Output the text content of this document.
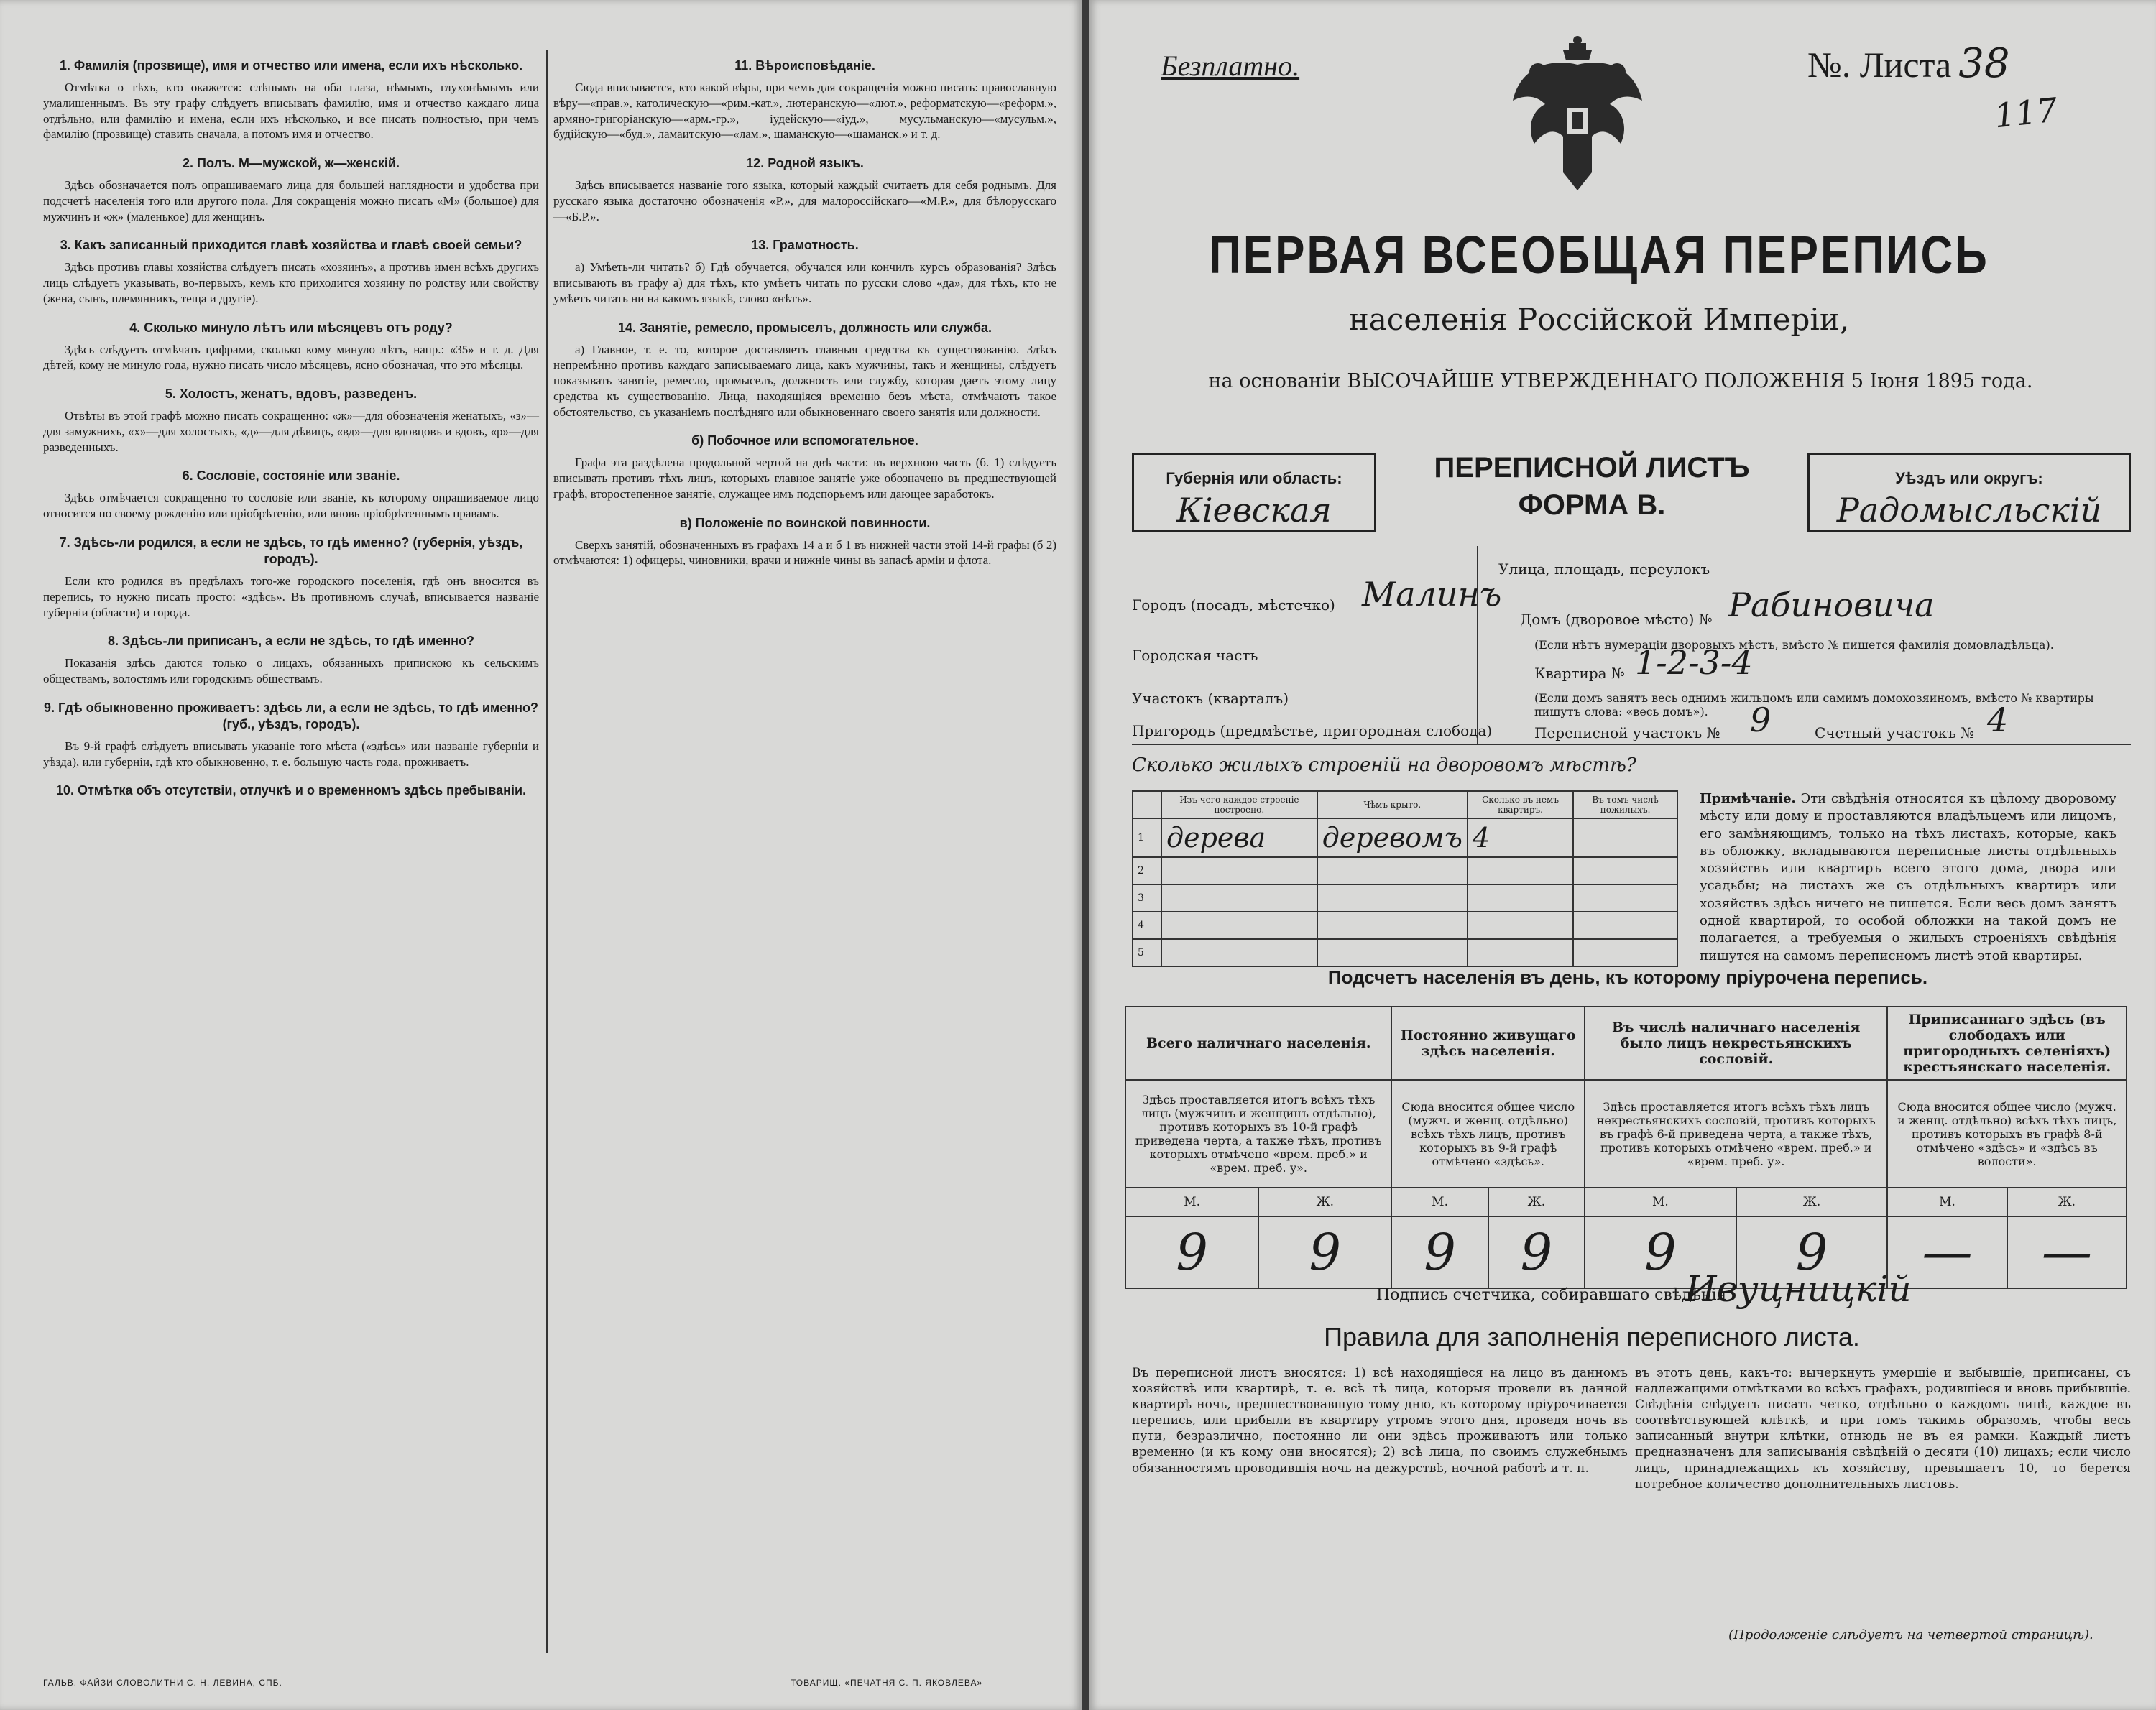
1. Фамилія (прозвище), имя и отчество или имена, если ихъ нѣсколько.
Отмѣтка о тѣхъ, кто окажется: слѣпымъ на оба глаза, нѣмымъ, глухонѣмымъ или умалишеннымъ. Въ эту графу слѣдуетъ вписывать фамилію, имя и отчество каждаго лица отдѣльно, или фамилію и имена, если ихъ нѣсколько, и все писать полностью, при чемъ фамилію (прозвище) ставить сначала, а потомъ имя и отчество.
2. Полъ. М—мужской, ж—женскій.
Здѣсь обозначается полъ опрашиваемаго лица для большей наглядности и удобства при подсчетѣ населенія того или другого пола. Для сокращенія можно писать «М» (большое) для мужчинъ и «ж» (маленькое) для женщинъ.
3. Какъ записанный приходится главѣ хозяйства и главѣ своей семьи?
Здѣсь противъ главы хозяйства слѣдуетъ писать «хозяинъ», а противъ имен всѣхъ другихъ лицъ слѣдуетъ указывать, во-первыхъ, кемъ кто приходится хозяину по родству или свойству (жена, сынъ, племянникъ, теща и другіе).
4. Сколько минуло лѣтъ или мѣсяцевъ отъ роду?
Здѣсь слѣдуетъ отмѣчать цифрами, сколько кому минуло лѣтъ, напр.: «35» и т. д. Для дѣтей, кому не минуло года, нужно писать число мѣсяцевъ, ясно обозначая, что это мѣсяцы.
5. Холостъ, женатъ, вдовъ, разведенъ.
Отвѣты въ этой графѣ можно писать сокращенно: «ж»—для обозначенія женатыхъ, «з»—для замужнихъ, «х»—для холостыхъ, «д»—для дѣвицъ, «вд»—для вдовцовъ и вдовъ, «р»—для разведенныхъ.
6. Сословіе, состояніе или званіе.
Здѣсь отмѣчается сокращенно то сословіе или званіе, къ которому опрашиваемое лицо относится по своему рожденію или пріобрѣтенію, или вновь пріобрѣтеннымъ правамъ.
7. Здѣсь-ли родился, а если не здѣсь, то гдѣ именно? (губернія, уѣздъ, городъ).
Если кто родился въ предѣлахъ того-же городского поселенія, гдѣ онъ вносится въ перепись, то нужно писать просто: «здѣсь». Въ противномъ случаѣ, вписывается названіе губерніи (области) и города.
8. Здѣсь-ли приписанъ, а если не здѣсь, то гдѣ именно?
Показанія здѣсь даются только о лицахъ, обязанныхъ припискою къ сельскимъ обществамъ, волостямъ или городскимъ обществамъ.
9. Гдѣ обыкновенно проживаетъ: здѣсь ли, а если не здѣсь, то гдѣ именно? (губ., уѣздъ, городъ).
Въ 9-й графѣ слѣдуетъ вписывать указаніе того мѣста («здѣсь» или названіе губерніи и уѣзда), или губерніи, гдѣ кто обыкновенно, т. е. большую часть года, проживаетъ.
10. Отмѣтка объ отсутствіи, отлучкѣ и о временномъ здѣсь пребываніи.
11. Вѣроисповѣданіе.
Сюда вписывается, кто какой вѣры, при чемъ для сокращенія можно писать: православную вѣру—«прав.», католическую—«рим.-кат.», лютеранскую—«лют.», реформатскую—«реформ.», армяно-григоріанскую—«арм.-гр.», іудейскую—«іуд.», мусульманскую—«мусульм.», будійскую—«буд.», ламаитскую—«лам.», шаманскую—«шаманск.» и т. д.
12. Родной языкъ.
Здѣсь вписывается названіе того языка, который каждый считаетъ для себя роднымъ. Для русскаго языка достаточно обозначенія «Р.», для малороссійскаго—«М.Р.», для бѣлорусскаго—«Б.Р.».
13. Грамотность.
а) Умѣеть-ли читать? б) Гдѣ обучается, обучался или кончилъ курсъ образованія? Здѣсь вписывають въ графу а) для тѣхъ, кто умѣетъ читать по русски слово «да», для тѣхъ, кто не умѣетъ читать ни на какомъ языкѣ, слово «нѣтъ».
14. Занятіе, ремесло, промыселъ, должность или служба.
а) Главное, т. е. то, которое доставляетъ главныя средства къ существованію. Здѣсь непремѣнно противъ каждаго записываемаго лица, какъ мужчины, такъ и женщины, слѣдуетъ показывать занятіе, ремесло, промыселъ, должность или службу, которая даетъ этому лицу средства къ существованію. Лица, находящіяся временно безъ мѣста, отмѣчаютъ такое обстоятельство, съ указаніемъ послѣдняго или обыкновеннаго своего занятія или должности.
б) Побочное или вспомогательное.
Графа эта раздѣлена продольной чертой на двѣ части: въ верхнюю часть (б. 1) слѣдуетъ вписывать противъ тѣхъ лицъ, которыхъ главное занятіе уже обозначено въ предшествующей графѣ, второстепенное занятіе, служащее имъ подспорьемъ или дающее заработокъ.
в) Положеніе по воинской повинности.
Сверхъ занятій, обозначенныхъ въ графахъ 14 а и б 1 въ нижней части этой 14-й графы (б 2) отмѣчаются: 1) офицеры, чиновники, врачи и нижніе чины въ запасѣ арміи и флота.
ГАЛЬВ. ФАЙЗИ СЛОВОЛИТНИ С. Н. ЛЕВИНА, СПБ.	ТОВАРИЩ. «ПЕЧАТНЯ С. П. ЯКОВЛЕВА»
Безплатно.	№. Листа 38
117
ПЕРВАЯ ВСЕОБЩАЯ ПЕРЕПИСЬ
населенія Россійской Имперіи,
на основаніи ВЫСОЧАЙШЕ УТВЕРЖДЕННАГО ПОЛОЖЕНІЯ 5 Іюня 1895 года.
Губернія или область:
Кіевская
ПЕРЕПИСНОЙ ЛИСТЪ
ФОРМА В.
Уѣздъ или округъ:
Радомысльскій
Городъ (посадъ, мѣстечко) Малинъ
Городская часть
Участокъ (кварталъ)
Пригородъ (предмѣстье, пригородная слобода)
Улица, площадь, переулокъ
Домъ (дворовое мѣсто) № Рабиновича
(Если нѣтъ нумераціи дворовыхъ мѣстъ, вмѣсто № пишется фамилія домовладѣльца).
Квартира № 1-2-3-4
(Если домъ занятъ весь однимъ жильцомъ или самимъ домохозяиномъ, вмѣсто № квартиры пишутъ слова: «весь домъ»).
Переписной участокъ № 9	Счетный участокъ № 4
Сколько жилыхъ строеній на дворовомъ мѣстѣ?
	Изъ чего каждое строеніе построено.	Чѣмъ крыто.	Сколько въ немъ квартиръ.	Въ томъ числѣ пожилыхъ.
1	дерева	деревомъ	4	
2				
3				
4				
5				
Примѣчаніе. Эти свѣдѣнія относятся къ цѣлому дворовому мѣсту или дому и проставляются владѣльцемъ или лицомъ, его замѣняющимъ, только на тѣхъ листахъ, которые, какъ въ обложку, вкладываются переписные листы отдѣльныхъ хозяйствъ или квартиръ всего этого дома, двора или усадьбы; на листахъ же съ отдѣльныхъ квартиръ или хозяйствъ здѣсь ничего не пишется. Если весь домъ занятъ одной квартирой, то особой обложки на такой домъ не полагается, а требуемыя о жилыхъ строеніяхъ свѣдѣнія пишутся на самомъ переписномъ листѣ этой квартиры.
Подсчетъ населенія въ день, къ которому пріурочена перепись.
Всего наличнаго населенія.		Постоянно живущаго здѣсь населенія.		Въ числѣ наличнаго населенія было лицъ некрестьянскихъ сословій.		Приписаннаго здѣсь (въ слободахъ или пригородныхъ селеніяхъ) крестьянскаго населенія.	
Здѣсь проставляется итогъ всѣхъ тѣхъ лицъ (мужчинъ и женщинъ отдѣльно), противъ которыхъ въ 10-й графѣ приведена черта, а также тѣхъ, противъ которыхъ отмѣчено «врем. преб.» и «врем. преб. у».		Сюда вносится общее число (мужч. и женщ. отдѣльно) всѣхъ тѣхъ лицъ, противъ которыхъ въ 9-й графѣ отмѣчено «здѣсь».		Здѣсь проставляется итогъ всѣхъ тѣхъ лицъ некрестьянскихъ сословій, противъ которыхъ въ графѣ 6-й приведена черта, а также тѣхъ, противъ которыхъ отмѣчено «врем. преб.» и «врем. преб. у».		Сюда вносится общее число (мужч. и женщ. отдѣльно) всѣхъ тѣхъ лицъ, противъ которыхъ въ графѣ 8-й отмѣчено «здѣсь» и «здѣсь въ волости».	
М.	Ж.	М.	Ж.	М.	Ж.	М.	Ж.
9	9	9	9	9	9	—	—
Подпись счетчика, собиравшаго свѣдѣнія
Ивуцницкій
Правила для заполненія переписного листа.
Въ переписной листъ вносятся: 1) всѣ находящіеся на лицо въ данномъ хозяйствѣ или квартирѣ, т. е. всѣ тѣ лица, которыя провели въ данной квартирѣ ночь, предшествовавшую тому дню, къ которому пріурочивается перепись, или прибыли въ квартиру утромъ этого дня, проведя ночь въ пути, безразлично, постоянно ли они здѣсь проживаютъ или только временно (и къ кому они вносятся); 2) всѣ лица, по своимъ служебнымъ обязанностямъ проводившія ночь на дежурствѣ, ночной работѣ и т. п.
въ этотъ день, какъ-то: вычеркнуть умершіе и выбывшіе, приписаны, съ надлежащими отмѣтками во всѣхъ графахъ, родившіеся и вновь прибывшіе. Свѣдѣнія слѣдуетъ писать четко, отдѣльно о каждомъ лицѣ, каждое въ соотвѣтствующей клѣткѣ, и при томъ такимъ образомъ, чтобы весь записанный внутри клѣтки, отнюдь не въ ея рамки. Каждый листъ предназначенъ для записыванія свѣдѣній о десяти (10) лицахъ; если число лицъ, принадлежащихъ къ хозяйству, превышаетъ 10, то берется потребное количество дополнительныхъ листовъ.
(Продолженіе слѣдуетъ на четвертой страницѣ).
